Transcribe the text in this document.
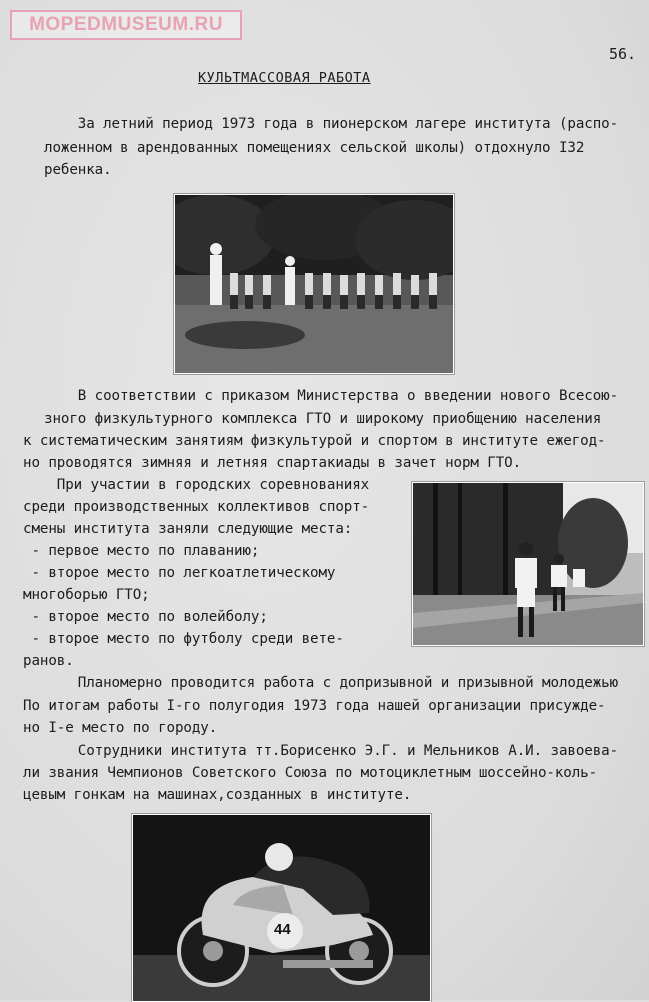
MOPEDMUSEUM.RU
56.
КУЛЬТМАССОВАЯ РАБОТА
За летний период 1973 года в пионерском лагере института (распо-
ложенном в арендованных помещениях сельской школы) отдохнуло I32
ребенка.
В соответствии с приказом Министерства о введении нового Всесою-
зного физкультурного комплекса ГТО и широкому приобщению населения
к систематическим занятиям физкультурой и спортом в институте ежегод-
но проводятся зимняя и летняя спартакиады в зачет норм ГТО.
При участии в городских соревнованиях
среди производственных коллективов спорт-
смены института заняли следующие места:
- первое место по плаванию;
- второе место по легкоатлетическому
многоборью ГТО;
- второе место по волейболу;
- второе место по футболу среди вете-
ранов.
Планомерно проводится работа с допризывной и призывной молодежью
По итогам работы I-го полугодия 1973 года нашей организации присужде-
но I-е место по городу.
Сотрудники института тт.Борисенко Э.Г. и Мельников А.И. завоева-
ли звания Чемпионов Советского Союза по мотоциклетным шоссейно-коль-
цевым гонкам на машинах,созданных в институте.
44
